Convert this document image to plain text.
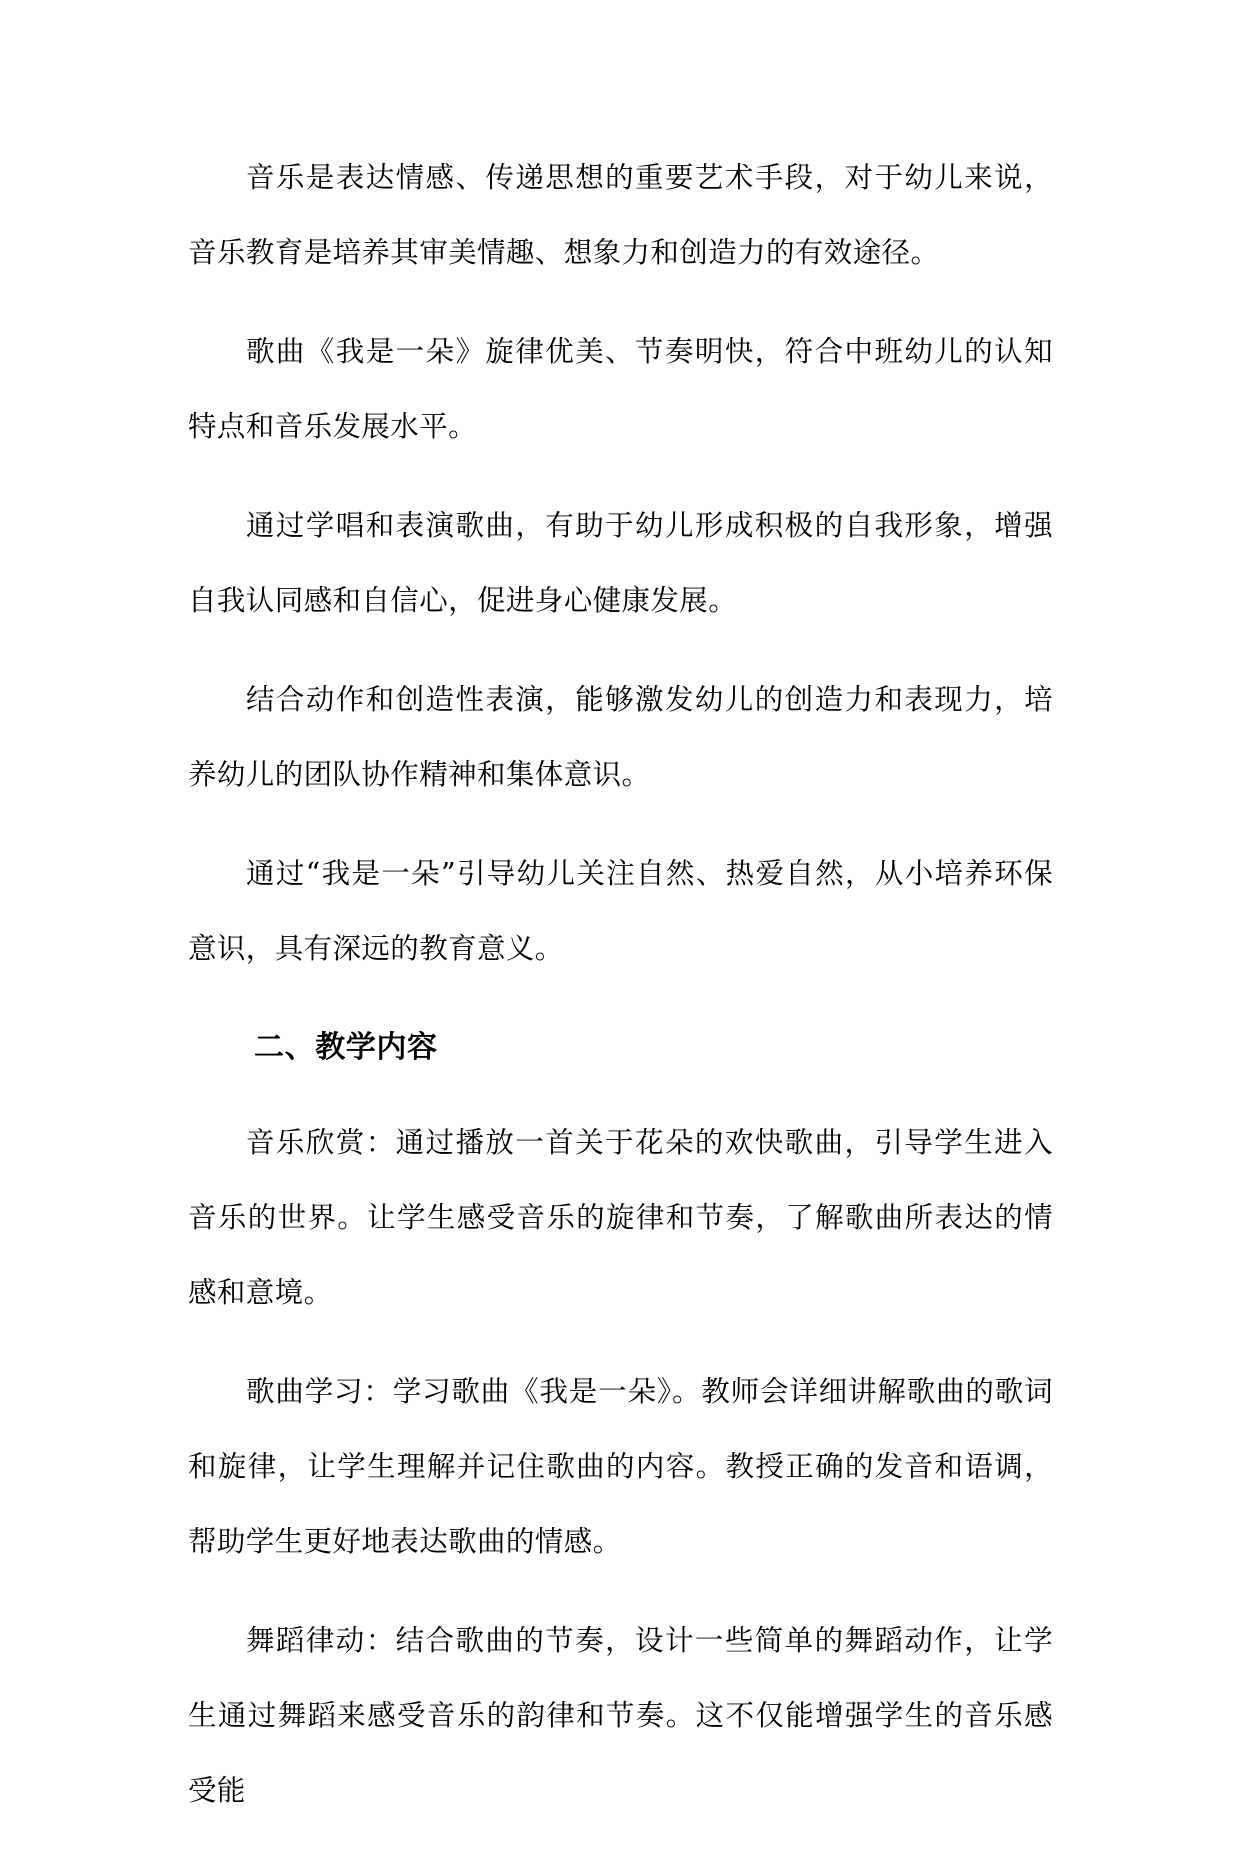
音乐是表达情感、传递思想的重要艺术手段，对于幼儿来说，音乐教育是培养其审美情趣、想象力和创造力的有效途径。

歌曲《我是一朵》旋律优美、节奏明快，符合中班幼儿的认知特点和音乐发展水平。

通过学唱和表演歌曲，有助于幼儿形成积极的自我形象，增强自我认同感和自信心，促进身心健康发展。

结合动作和创造性表演，能够激发幼儿的创造力和表现力，培养幼儿的团队协作精神和集体意识。

通过“我是一朵”引导幼儿关注自然、热爱自然，从小培养环保意识，具有深远的教育意义。

二、教学内容

音乐欣赏：通过播放一首关于花朵的欢快歌曲，引导学生进入音乐的世界。让学生感受音乐的旋律和节奏，了解歌曲所表达的情感和意境。

歌曲学习：学习歌曲《我是一朵》。教师会详细讲解歌曲的歌词和旋律，让学生理解并记住歌曲的内容。教授正确的发音和语调，帮助学生更好地表达歌曲的情感。

舞蹈律动：结合歌曲的节奏，设计一些简单的舞蹈动作，让学生通过舞蹈来感受音乐的韵律和节奏。这不仅能增强学生的音乐感受能
